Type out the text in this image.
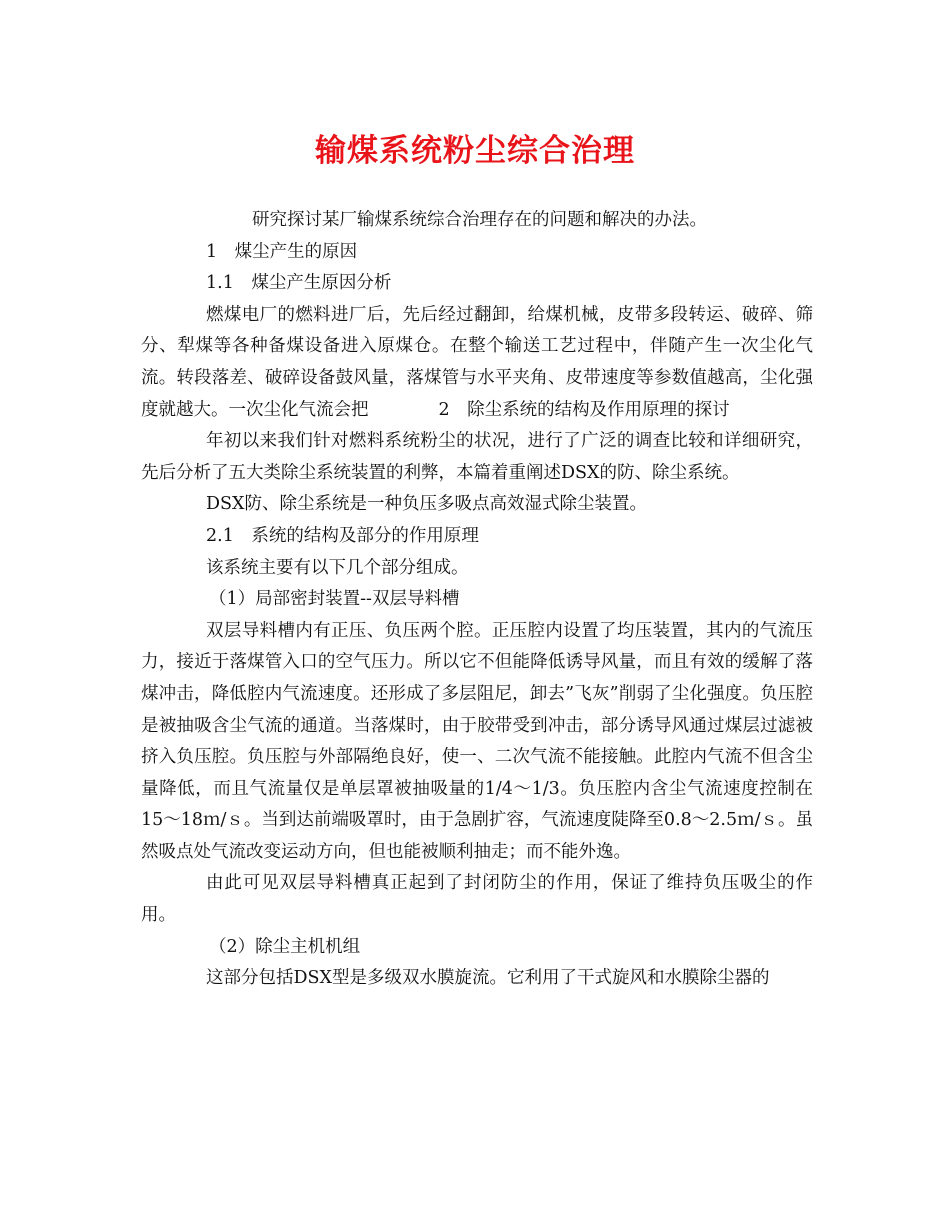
输煤系统粉尘综合治理

研究探讨某厂输煤系统综合治理存在的问题和解决的办法。

1　煤尘产生的原因

1.1　煤尘产生原因分析

燃煤电厂的燃料进厂后，先后经过翻卸，给煤机械，皮带多段转运、破碎、筛分、犁煤等各种备煤设备进入原煤仓。在整个输送工艺过程中，伴随产生一次尘化气流。转段落差、破碎设备鼓风量，落煤管与水平夹角、皮带速度等参数值越高，尘化强度就越大。一次尘化气流会把　　　　2　除尘系统的结构及作用原理的探讨

年初以来我们针对燃料系统粉尘的状况，进行了广泛的调查比较和详细研究，先后分析了五大类除尘系统装置的利弊，本篇着重阐述DSX的防、除尘系统。

DSX防、除尘系统是一种负压多吸点高效湿式除尘装置。

2.1　系统的结构及部分的作用原理

该系统主要有以下几个部分组成。

（1）局部密封装置--双层导料槽

双层导料槽内有正压、负压两个腔。正压腔内设置了均压装置，其内的气流压力，接近于落煤管入口的空气压力。所以它不但能降低诱导风量，而且有效的缓解了落煤冲击，降低腔内气流速度。还形成了多层阻尼，卸去”飞灰”削弱了尘化强度。负压腔是被抽吸含尘气流的通道。当落煤时，由于胶带受到冲击，部分诱导风通过煤层过滤被挤入负压腔。负压腔与外部隔绝良好，使一、二次气流不能接触。此腔内气流不但含尘量降低，而且气流量仅是单层罩被抽吸量的1/4～1/3。负压腔内含尘气流速度控制在15～18ｍ/ｓ。当到达前端吸罩时，由于急剧扩容，气流速度陡降至0.8～2.5ｍ/ｓ。虽然吸点处气流改变运动方向，但也能被顺利抽走；而不能外逸。

由此可见双层导料槽真正起到了封闭防尘的作用，保证了维持负压吸尘的作用。

（2）除尘主机机组

这部分包括DSX型是多级双水膜旋流。它利用了干式旋风和水膜除尘器的
